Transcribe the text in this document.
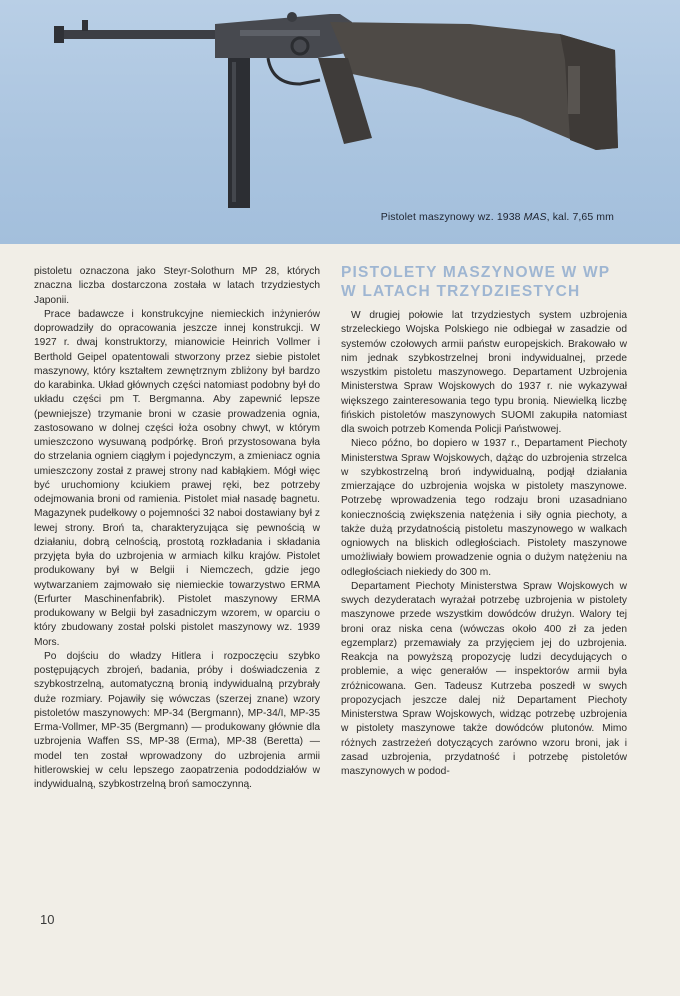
Pistolet maszynowy wz. 1938 MAS, kal. 7,65 mm

pistoletu oznaczona jako Steyr-Solothurn MP 28, których znaczna liczba dostarczona została w latach trzydziestych Japonii.

Prace badawcze i konstrukcyjne niemieckich inżynierów doprowadziły do opracowania jeszcze innej konstrukcji. W 1927 r. dwaj konstruktorzy, mianowicie Heinrich Vollmer i Berthold Geipel opatentowali stworzony przez siebie pistolet maszynowy, który kształtem zewnętrznym zbliżony był bardzo do karabinka. Układ głównych części natomiast podobny był do układu części pm T. Bergmanna. Aby zapewnić lepsze (pewniejsze) trzymanie broni w czasie prowadzenia ognia, zastosowano w dolnej części łoża osobny chwyt, w którym umieszczono wysuwaną podpórkę. Broń przystosowana była do strzelania ogniem ciągłym i pojedynczym, a zmieniacz ognia umieszczony został z prawej strony nad kabłąkiem. Mógł więc być uruchomiony kciukiem prawej ręki, bez potrzeby odejmowania broni od ramienia. Pistolet miał nasadę bagnetu. Magazynek pudełkowy o pojemności 32 naboi dostawiany był z lewej strony. Broń ta, charakteryzująca się pewnością w działaniu, dobrą celnością, prostotą rozkładania i składania przyjęta była do uzbrojenia w armiach kilku krajów. Pistolet produkowany był w Belgii i Niemczech, gdzie jego wytwarzaniem zajmowało się niemieckie towarzystwo ERMA (Erfurter Maschinenfabrik). Pistolet maszynowy ERMA produkowany w Belgii był zasadniczym wzorem, w oparciu o który zbudowany został polski pistolet maszynowy wz. 1939 Mors.

Po dojściu do władzy Hitlera i rozpoczęciu szybko postępujących zbrojeń, badania, próby i doświadczenia z szybkostrzelną, automatyczną bronią indywidualną przybrały duże rozmiary. Pojawiły się wówczas (szerzej znane) wzory pistoletów maszynowych: MP-34 (Bergmann), MP-34/I, MP-35 Erma-Vollmer, MP-35 (Bergmann) — produkowany głównie dla uzbrojenia Waffen SS, MP-38 (Erma), MP-38 (Beretta) — model ten został wprowadzony do uzbrojenia armii hitlerowskiej w celu lepszego zaopatrzenia pododdziałów w indywidualną, szybkostrzelną broń samoczynną.

PISTOLETY MASZYNOWE W WP W LATACH TRZYDZIESTYCH

W drugiej połowie lat trzydziestych system uzbrojenia strzeleckiego Wojska Polskiego nie odbiegał w zasadzie od systemów czołowych armii państw europejskich. Brakowało w nim jednak szybkostrzelnej broni indywidualnej, przede wszystkim pistoletu maszynowego. Departament Uzbrojenia Ministerstwa Spraw Wojskowych do 1937 r. nie wykazywał większego zainteresowania tego typu bronią. Niewielką liczbę fińskich pistoletów maszynowych SUOMI zakupiła natomiast dla swoich potrzeb Komenda Policji Państwowej.

Nieco późno, bo dopiero w 1937 r., Departament Piechoty Ministerstwa Spraw Wojskowych, dążąc do uzbrojenia strzelca w szybkostrzelną broń indywidualną, podjął działania zmierzające do uzbrojenia wojska w pistolety maszynowe. Potrzebę wprowadzenia tego rodzaju broni uzasadniano koniecznością zwiększenia natężenia i siły ognia piechoty, a także dużą przydatnością pistoletu maszynowego w walkach ogniowych na bliskich odległościach. Pistolety maszynowe umożliwiały bowiem prowadzenie ognia o dużym natężeniu na odległościach niekiedy do 300 m.

Departament Piechoty Ministerstwa Spraw Wojskowych w swych dezyderatach wyrażał potrzebę uzbrojenia w pistolety maszynowe przede wszystkim dowódców drużyn. Walory tej broni oraz niska cena (wówczas około 400 zł za jeden egzemplarz) przemawiały za przyjęciem jej do uzbrojenia. Reakcja na powyższą propozycję ludzi decydujących o problemie, a więc generałów — inspektorów armii była zróżnicowana. Gen. Tadeusz Kutrzeba poszedł w swych propozycjach jeszcze dalej niż Departament Piechoty Ministerstwa Spraw Wojskowych, widząc potrzebę uzbrojenia w pistolety maszynowe także dowódców plutonów. Mimo różnych zastrzeżeń dotyczących zarówno wzoru broni, jak i zasad uzbrojenia, przydatność i potrzebę pistoletów maszynowych w podod-

10
